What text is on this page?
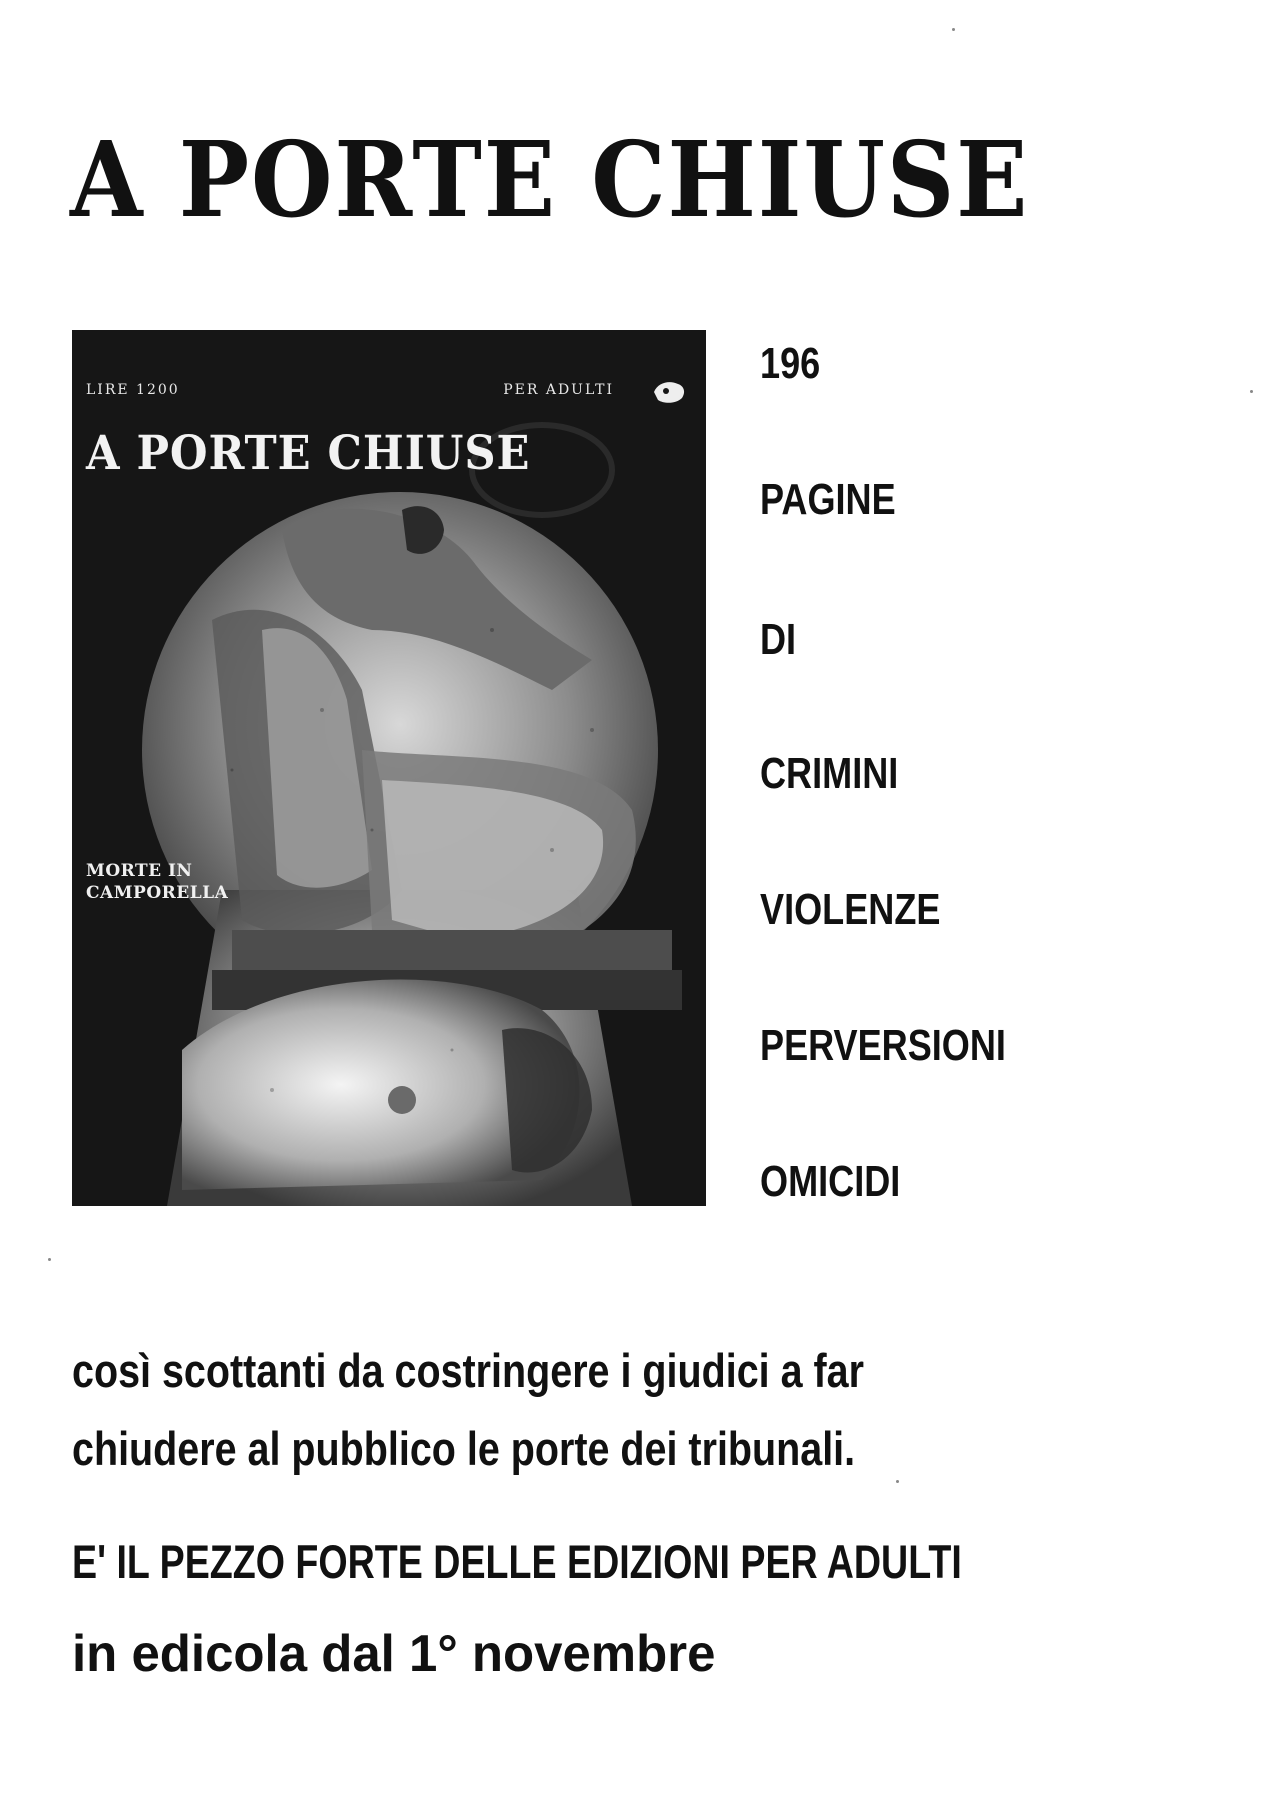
A PORTE CHIUSE
LIRE 1200	PER ADULTI
A PORTE CHIUSE
MORTE IN
CAMPORELLA
196
PAGINE
DI
CRIMINI
VIOLENZE
PERVERSIONI
OMICIDI

così scottanti da costringere i giudici a far
chiudere al pubblico le porte dei tribunali.

E' IL PEZZO FORTE DELLE EDIZIONI PER ADULTI

in edicola dal 1° novembre
